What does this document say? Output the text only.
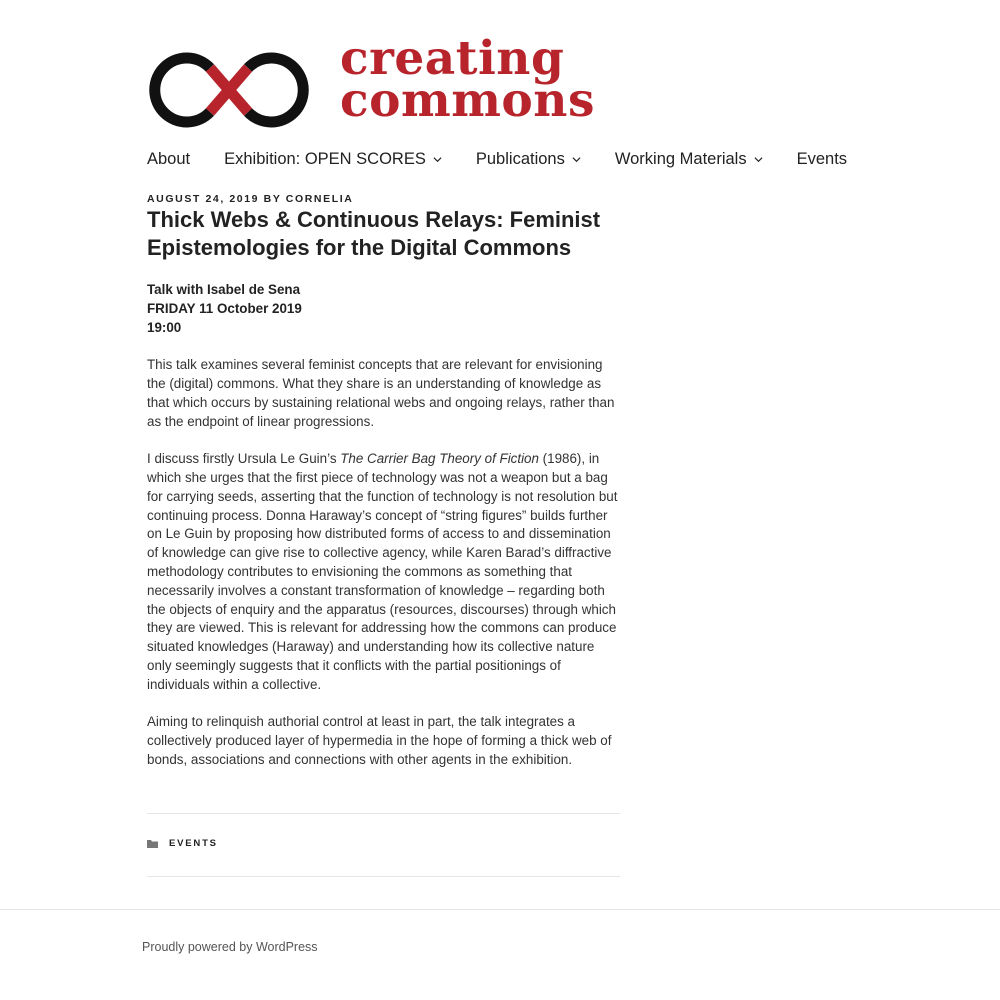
creating
commons
About Exhibition: OPEN SCORES	Publications	Working Materials	Events
AUGUST 24, 2019 BY CORNELIA
Thick Webs & Continuous Relays: Feminist Epistemologies for the Digital Commons

Talk with Isabel de Sena
FRIDAY 11 October 2019
19:00

This talk examines several feminist concepts that are relevant for envisioning the (digital) commons. What they share is an understanding of knowledge as that which occurs by sustaining relational webs and ongoing relays, rather than as the endpoint of linear progressions.

I discuss firstly Ursula Le Guin’s The Carrier Bag Theory of Fiction (1986), in which she urges that the first piece of technology was not a weapon but a bag for carrying seeds, asserting that the function of technology is not resolution but continuing process. Donna Haraway’s concept of “string figures” builds further on Le Guin by proposing how distributed forms of access to and dissemination of knowledge can give rise to collective agency, while Karen Barad’s diffractive methodology contributes to envisioning the commons as something that necessarily involves a constant transformation of knowledge – regarding both the objects of enquiry and the apparatus (resources, discourses) through which they are viewed. This is relevant for addressing how the commons can produce situated knowledges (Haraway) and understanding how its collective nature only seemingly suggests that it conflicts with the partial positionings of individuals within a collective.

Aiming to relinquish authorial control at least in part, the talk integrates a collectively produced layer of hypermedia in the hope of forming a thick web of bonds, associations and connections with other agents in the exhibition.

EVENTS
Proudly powered by WordPress
